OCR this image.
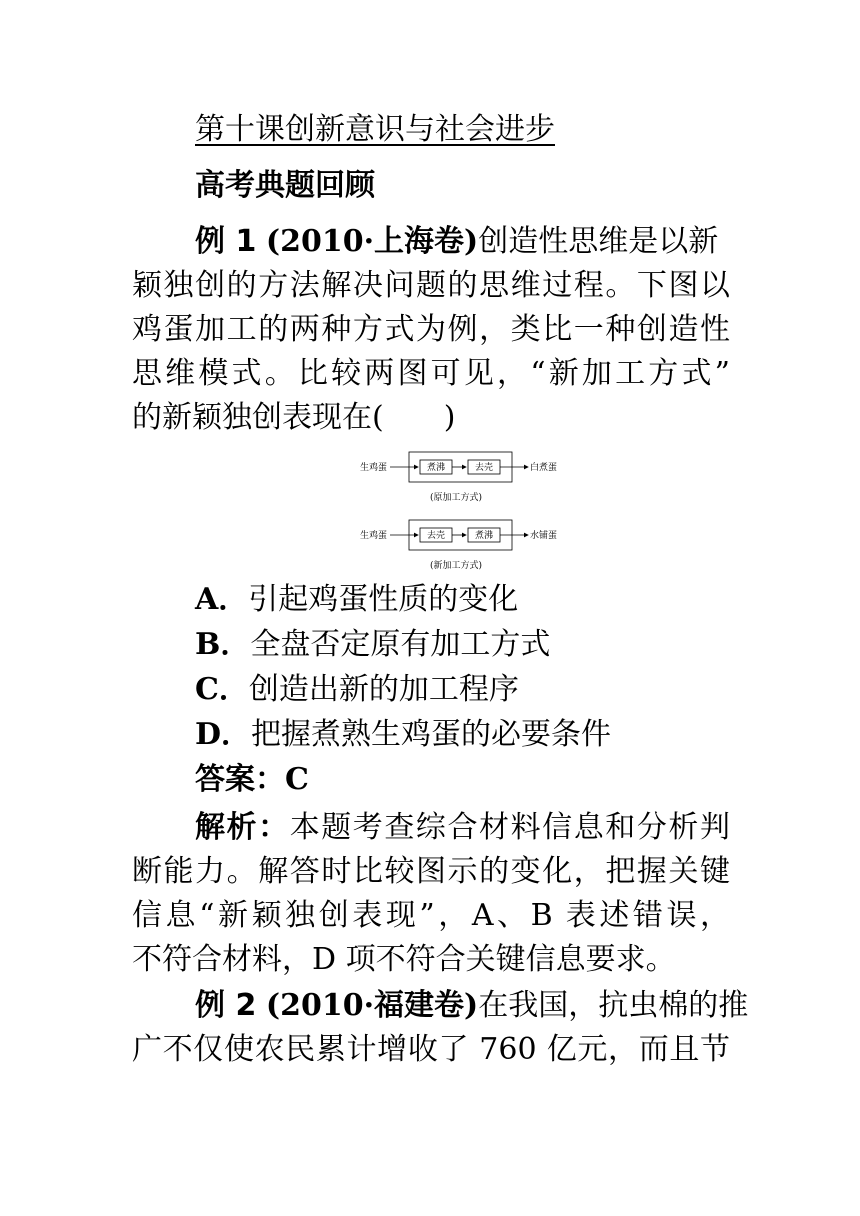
第十课创新意识与社会进步
高考典题回顾
例 1 (2010·上海卷)创造性思维是以新
颖独创的方法解决问题的思维过程。下图以
鸡蛋加工的两种方式为例，类比一种创造性
思维模式。比较两图可见，“新加工方式”
的新颖独创表现在(　　)
生鸡蛋	煮沸	去壳	白煮蛋
(原加工方式)
生鸡蛋	去壳	煮沸	水铺蛋
(新加工方式)
A．引起鸡蛋性质的变化
B．全盘否定原有加工方式
C．创造出新的加工程序
D．把握煮熟生鸡蛋的必要条件
答案：C
解析：本题考查综合材料信息和分析判
断能力。解答时比较图示的变化，把握关键
信息“新颖独创表现”，A、B 表述错误，
不符合材料，D 项不符合关键信息要求。
例 2 (2010·福建卷)在我国，抗虫棉的推
广不仅使农民累计增收了 760 亿元，而且节
